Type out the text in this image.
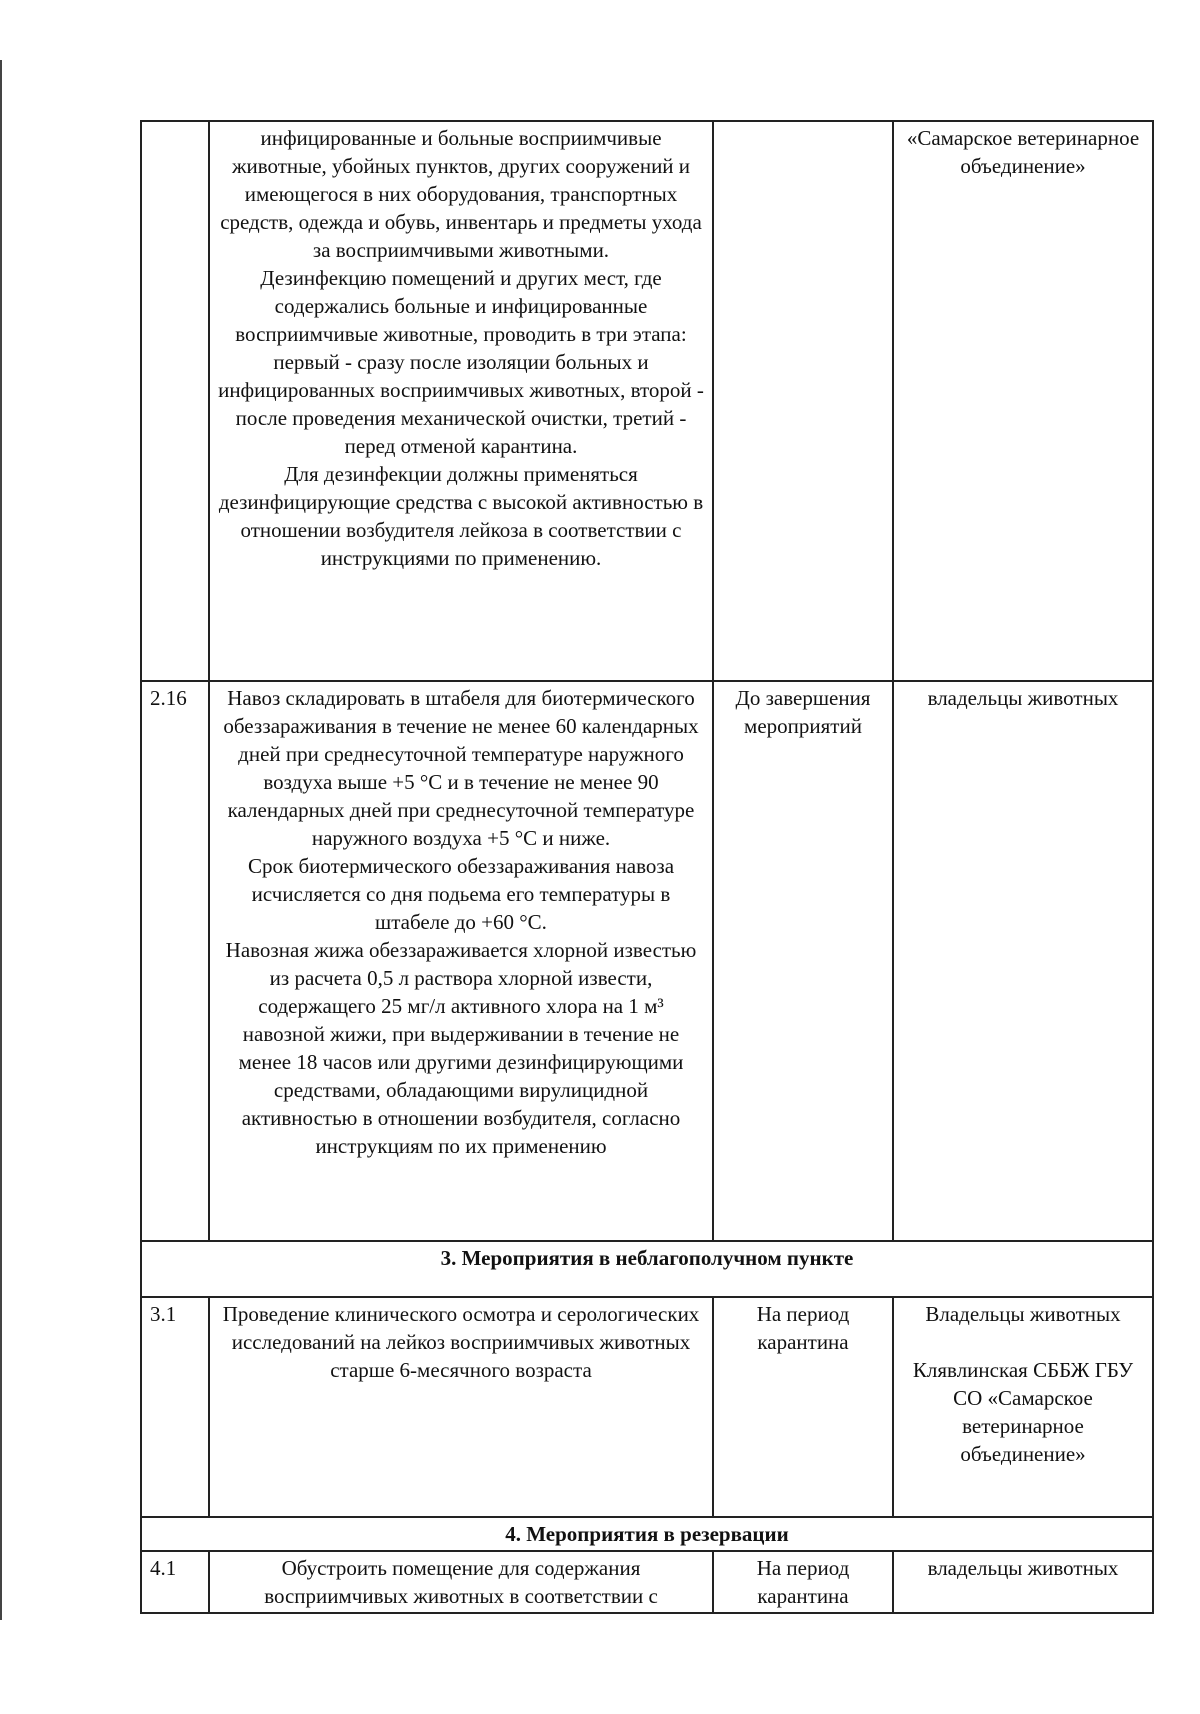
	инфицированные и больные восприимчивые животные, убойных пунктов, других сооружений и имеющегося в них оборудования, транспортных средств, одежда и обувь, инвентарь и предметы ухода за восприимчивыми животными.
Дезинфекцию помещений и других мест, где содержались больные и инфицированные восприимчивые животные, проводить в три этапа: первый - сразу после изоляции больных и инфицированных восприимчивых животных, второй - после проведения механической очистки, третий - перед отменой карантина.
Для дезинфекции должны применяться дезинфицирующие средства с высокой активностью в отношении возбудителя лейкоза в соответствии с инструкциями по применению.		«Самарское ветеринарное объединение»
2.16	Навоз складировать в штабеля для биотермического обеззараживания в течение не менее 60 календарных дней при среднесуточной температуре наружного воздуха выше +5 °С и в течение не менее 90 календарных дней при среднесуточной температуре наружного воздуха +5 °С и ниже.
Срок биотермического обеззараживания навоза исчисляется со дня подьема его температуры в штабеле до +60 °С.
Навозная жижа обеззараживается хлорной известью из расчета 0,5 л раствора хлорной извести, содержащего 25 мг/л активного хлора на 1 м³ навозной жижи, при выдерживании в течение не менее 18 часов или другими дезинфицирующими средствами, обладающими вирулицидной активностью в отношении возбудителя, согласно инструкциям по их применению	До завершения мероприятий	владельцы животных
3. Мероприятия в неблагополучном пункте			
3.1	Проведение клинического осмотра и серологических исследований на лейкоз восприимчивых животных старше 6-месячного возраста	На период карантина	Владельцы животных
Клявлинская СББЖ ГБУ СО «Самарское ветеринарное объединение»

4. Мероприятия в резервации			
4.1	Обустроить помещение для содержания восприимчивых животных в соответствии с	На период карантина	владельцы животных
